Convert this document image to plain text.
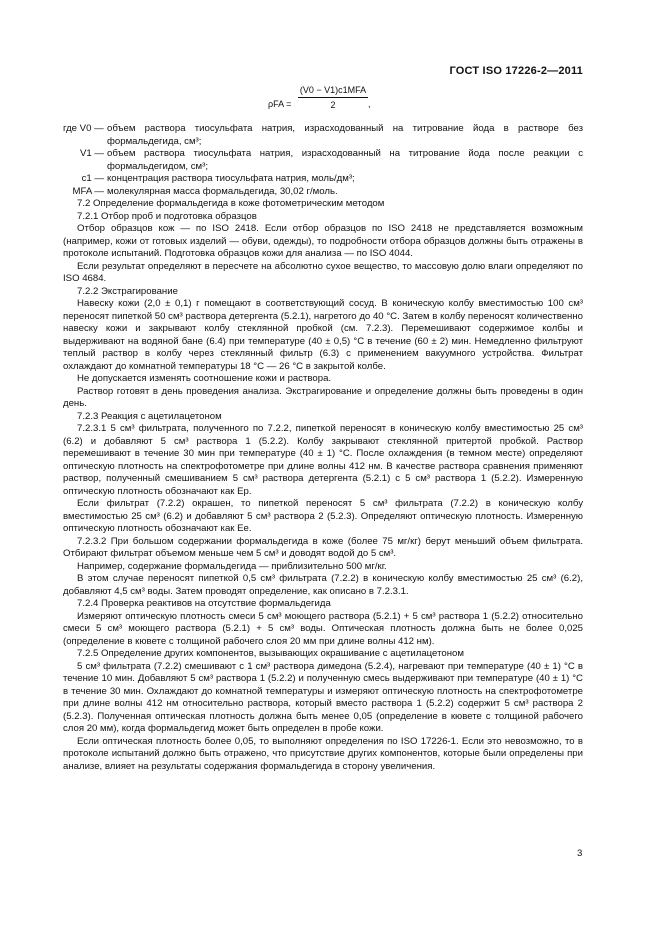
ГОСТ ISO 17226-2—2011
ρFA =
(V0 − V1)c1MFA
2	,
где V0 — объем раствора тиосульфата натрия, израсходованный на титрование йода в растворе без формальдегида, см³;
V1 — объем раствора тиосульфата натрия, израсходованный на титрование йода после реакции с формальдегидом, см³;
c1 — концентрация раствора тиосульфата натрия, моль/дм³;
MFA — молекулярная масса формальдегида, 30,02 г/моль.

7.2 Определение формальдегида в коже фотометрическим методом

7.2.1 Отбор проб и подготовка образцов

Отбор образцов кож — по ISO 2418. Если отбор образцов по ISO 2418 не представляется возможным (например, кожи от готовых изделий — обуви, одежды), то подробности отбора образцов должны быть отражены в протоколе испытаний. Подготовка образцов кожи для анализа — по ISO 4044.

Если результат определяют в пересчете на абсолютно сухое вещество, то массовую долю влаги определяют по ISO 4684.

7.2.2 Экстрагирование

Навеску кожи (2,0 ± 0,1) г помещают в соответствующий сосуд. В коническую колбу вместимостью 100 см³ переносят пипеткой 50 см³ раствора детергента (5.2.1), нагретого до 40 °С. Затем в колбу переносят количественно навеску кожи и закрывают колбу стеклянной пробкой (см. 7.2.3). Перемешивают содержимое колбы и выдерживают на водяной бане (6.4) при температуре (40 ± 0,5) °С в течение (60 ± 2) мин. Немедленно фильтруют теплый раствор в колбу через стеклянный фильтр (6.3) с применением вакуумного устройства. Фильтрат охлаждают до комнатной температуры 18 °С — 26 °С в закрытой колбе.

Не допускается изменять соотношение кожи и раствора.

Раствор готовят в день проведения анализа. Экстрагирование и определение должны быть проведены в один день.

7.2.3 Реакция с ацетилацетоном

7.2.3.1 5 см³ фильтрата, полученного по 7.2.2, пипеткой переносят в коническую колбу вместимостью 25 см³ (6.2) и добавляют 5 см³ раствора 1 (5.2.2). Колбу закрывают стеклянной притертой пробкой. Раствор перемешивают в течение 30 мин при температуре (40 ± 1) °С. После охлаждения (в темном месте) определяют оптическую плотность на спектрофотометре при длине волны 412 нм. В качестве раствора сравнения применяют раствор, полученный смешиванием 5 см³ раствора детергента (5.2.1) с 5 см³ раствора 1 (5.2.2). Измеренную оптическую плотность обозначают как Ep.

Если фильтрат (7.2.2) окрашен, то пипеткой переносят 5 см³ фильтрата (7.2.2) в коническую колбу вместимостью 25 см³ (6.2) и добавляют 5 см³ раствора 2 (5.2.3). Определяют оптическую плотность. Измеренную оптическую плотность обозначают как Ee.

7.2.3.2 При большом содержании формальдегида в коже (более 75 мг/кг) берут меньший объем фильтрата. Отбирают фильтрат объемом меньше чем 5 см³ и доводят водой до 5 см³.

Например, содержание формальдегида — приблизительно 500 мг/кг.

В этом случае переносят пипеткой 0,5 см³ фильтрата (7.2.2) в коническую колбу вместимостью 25 см³ (6.2), добавляют 4,5 см³ воды. Затем проводят определение, как описано в 7.2.3.1.

7.2.4 Проверка реактивов на отсутствие формальдегида

Измеряют оптическую плотность смеси 5 см³ моющего раствора (5.2.1) + 5 см³ раствора 1 (5.2.2) относительно смеси 5 см³ моющего раствора (5.2.1) + 5 см³ воды. Оптическая плотность должна быть не более 0,025 (определение в кювете с толщиной рабочего слоя 20 мм при длине волны 412 нм).

7.2.5 Определение других компонентов, вызывающих окрашивание с ацетилацетоном

5 см³ фильтрата (7.2.2) смешивают с 1 см³ раствора димедона (5.2.4), нагревают при температуре (40 ± 1) °С в течение 10 мин. Добавляют 5 см³ раствора 1 (5.2.2) и полученную смесь выдерживают при температуре (40 ± 1) °С в течение 30 мин. Охлаждают до комнатной температуры и измеряют оптическую плотность на спектрофотометре при длине волны 412 нм относительно раствора, который вместо раствора 1 (5.2.2) содержит 5 см³ раствора 2 (5.2.3). Полученная оптическая плотность должна быть менее 0,05 (определение в кювете с толщиной рабочего слоя 20 мм), когда формальдегид может быть определен в пробе кожи.

Если оптическая плотность более 0,05, то выполняют определения по ISO 17226-1. Если это невозможно, то в протоколе испытаний должно быть отражено, что присутствие других компонентов, которые были определены при анализе, влияет на результаты содержания формальдегида в сторону увеличения.

3
